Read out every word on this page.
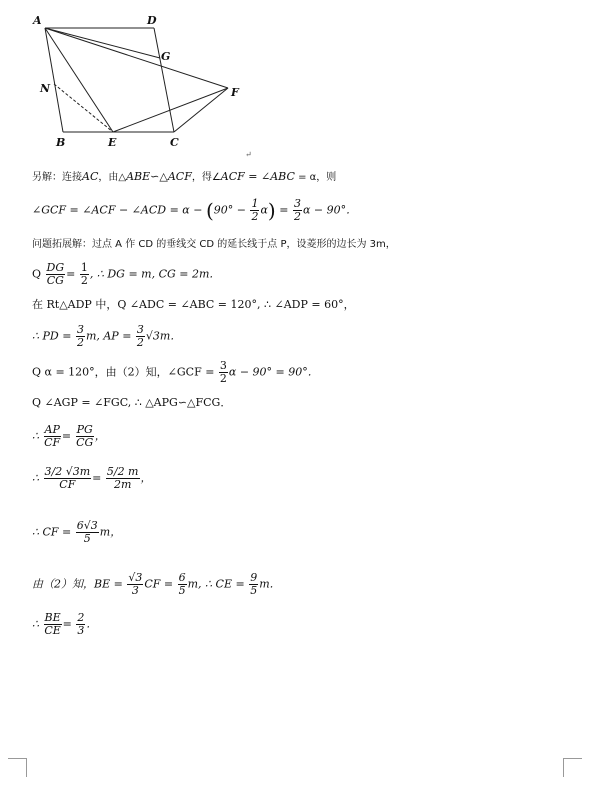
A	D
G
F
N
B	E	C
↵
另解：连接AC，由△ABE∽△ACF，得∠ACF = ∠ABC = α，则
∠GCF = ∠ACF − ∠ACD = $\alpha - (90^\circ - \frac{1}{2} \alpha) = \frac{3}{2}$ α − 90°．
问题拓展解：过点 A 作 CD 的垂线交 CD 的延长线于点 P，设菱形的边长为 3m，
Q $\frac{DG}{CG} = \frac{1}{2}$ , ∴ DG = m, CG = 2m．
在 Rt△ADP 中，Q ∠ADC = ∠ABC = 120°, ∴ ∠ADP = 60°，
∴ PD = $\frac{3}{2} m$, AP = $\frac{3}{2} √3m$．
Q α = 120°，由（2）知，∠GCF = $\frac{3}{2}$ α − 90° = 90°．
Q ∠AGP = ∠FGC, ∴ △APG∽△FCG．
∴ $\frac{AP}{CF} = \frac{PG}{CG}$ ，
∴ $\frac{3/2 √3m}{CF} = \frac{5/2 m}{2m}$ ，
∴ CF = $\frac{6√3}{5}$ m，
由（2）知，BE = $\frac{√3}{3}$ CF = $\frac{6}{5} m$, ∴ CE = $\frac{9}{5}$ m．
∴ $\frac{BE}{CE} = \frac{2}{3}$ ．
